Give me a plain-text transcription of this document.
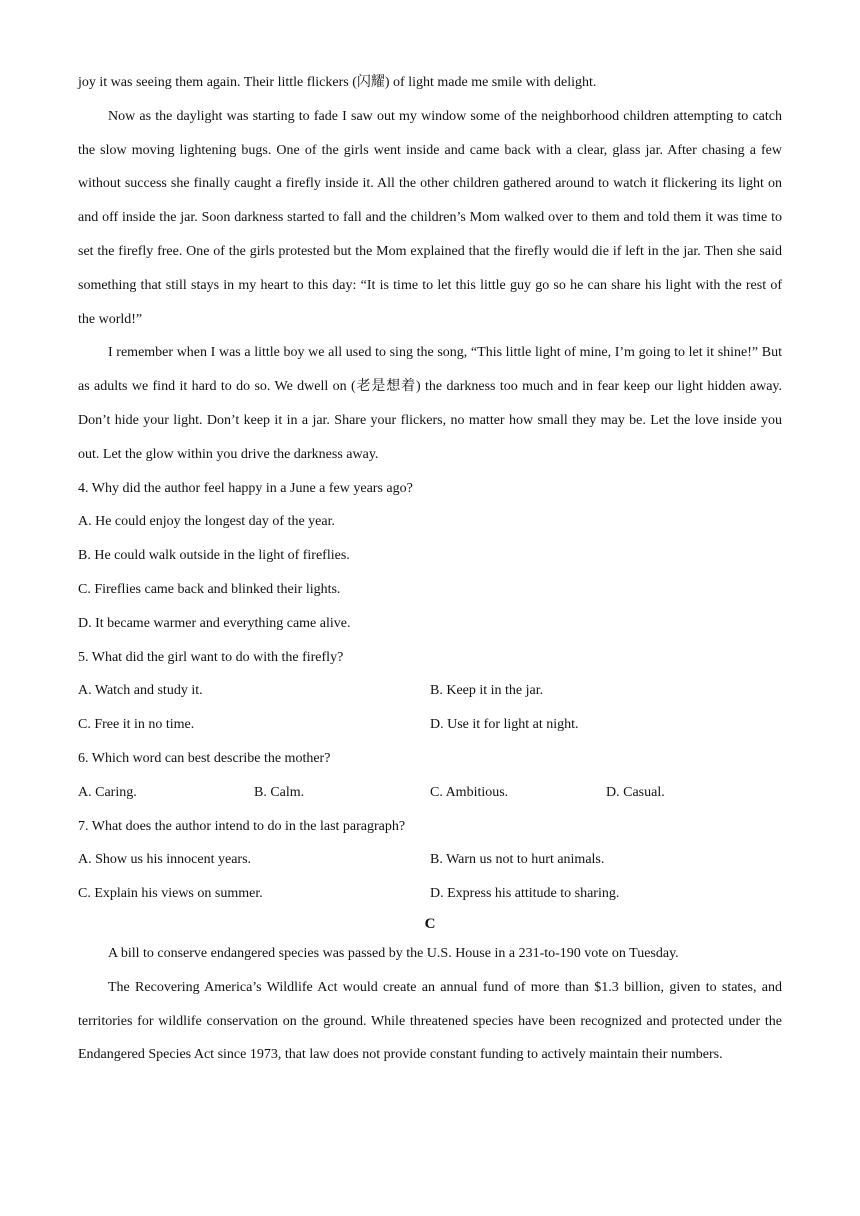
joy it was seeing them again. Their little flickers (闪耀) of light made me smile with delight.

Now as the daylight was starting to fade I saw out my window some of the neighborhood children attempting to catch the slow moving lightening bugs. One of the girls went inside and came back with a clear, glass jar. After chasing a few without success she finally caught a firefly inside it. All the other children gathered around to watch it flickering its light on and off inside the jar. Soon darkness started to fall and the children’s Mom walked over to them and told them it was time to set the firefly free. One of the girls protested but the Mom explained that the firefly would die if left in the jar. Then she said something that still stays in my heart to this day: “It is time to let this little guy go so he can share his light with the rest of the world!”

I remember when I was a little boy we all used to sing the song, “This little light of mine, I’m going to let it shine!” But as adults we find it hard to do so. We dwell on (老是想着) the darkness too much and in fear keep our light hidden away. Don’t hide your light. Don’t keep it in a jar. Share your flickers, no matter how small they may be. Let the love inside you out. Let the glow within you drive the darkness away.

4. Why did the author feel happy in a June a few years ago?

A. He could enjoy the longest day of the year.
B. He could walk outside in the light of fireflies.
C. Fireflies came back and blinked their lights.
D. It became warmer and everything came alive.

5. What did the girl want to do with the firefly?

A. Watch and study it.	B. Keep it in the jar.
C. Free it in no time.	D. Use it for light at night.

6. Which word can best describe the mother?

A. Caring.	B. Calm.	C. Ambitious.	D. Casual.

7. What does the author intend to do in the last paragraph?

A. Show us his innocent years.	B. Warn us not to hurt animals.
C. Explain his views on summer.	D. Express his attitude to sharing.
C

A bill to conserve endangered species was passed by the U.S. House in a 231-to-190 vote on Tuesday.

The Recovering America’s Wildlife Act would create an annual fund of more than $1.3 billion, given to states, and territories for wildlife conservation on the ground. While threatened species have been recognized and protected under the Endangered Species Act since 1973, that law does not provide constant funding to actively maintain their numbers.
